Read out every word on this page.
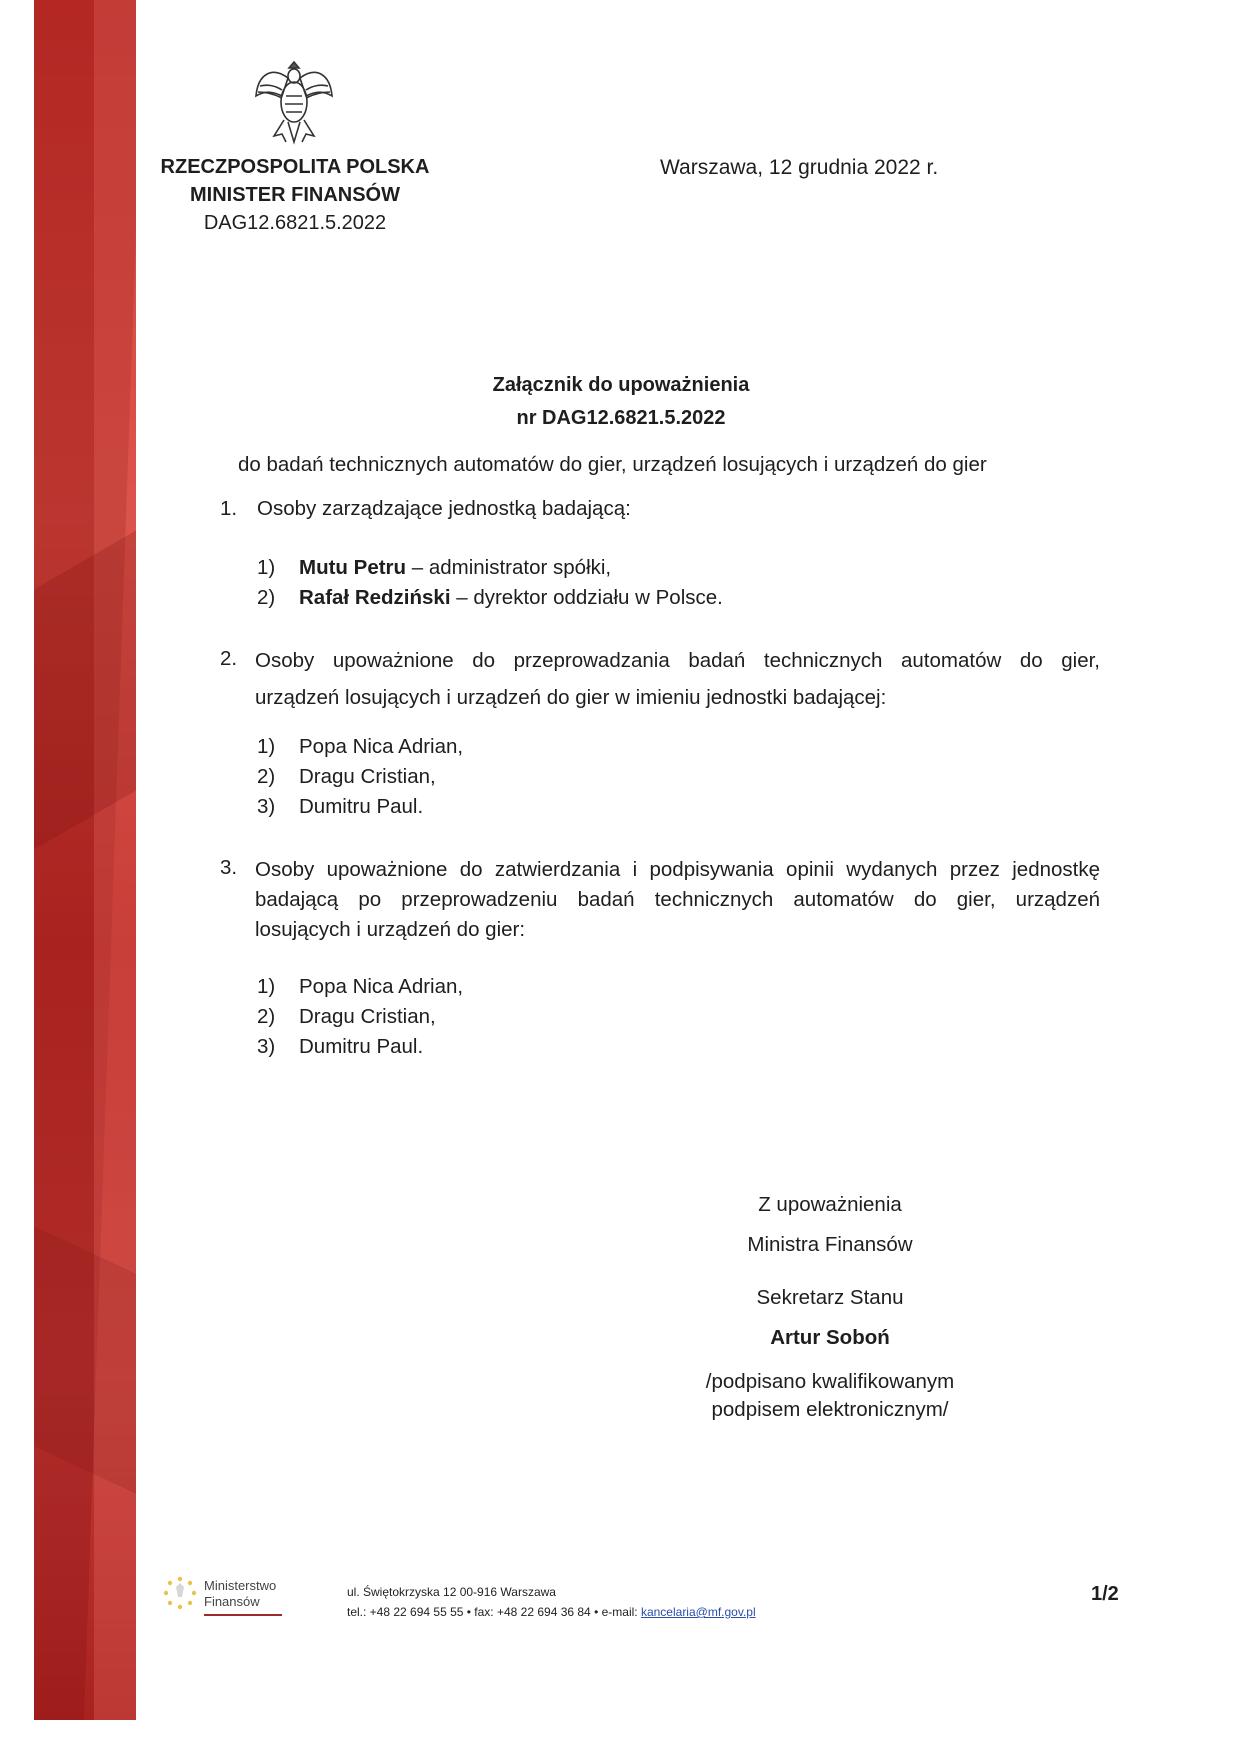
RZECZPOSPOLITA POLSKA
MINISTER FINANSÓW
DAG12.6821.5.2022
Warszawa, 12 grudnia 2022 r.
Załącznik do upoważnienia
nr DAG12.6821.5.2022
do badań technicznych automatów do gier, urządzeń losujących i urządzeń do gier
1. Osoby zarządzające jednostką badającą:
1) Mutu Petru – administrator spółki,
2) Rafał Redziński – dyrektor oddziału w Polsce.
2. Osoby upoważnione do przeprowadzania badań technicznych automatów do gier,
urządzeń losujących i urządzeń do gier w imieniu jednostki badającej:
1) Popa Nica Adrian,
2) Dragu Cristian,
3) Dumitru Paul.
3. Osoby upoważnione do zatwierdzania i podpisywania opinii wydanych przez jednostkę
badającą po przeprowadzeniu badań technicznych automatów do gier, urządzeń
losujących i urządzeń do gier:
1) Popa Nica Adrian,
2) Dragu Cristian,
3) Dumitru Paul.
Z upoważnienia
Ministra Finansów
Sekretarz Stanu
Artur Soboń
/podpisano kwalifikowanym
podpisem elektronicznym/
Ministerstwo
Finansów
ul. Świętokrzyska 12 00-916 Warszawa
tel.: +48 22 694 55 55 • fax: +48 22 694 36 84 • e-mail: kancelaria@mf.gov.pl
1/2
